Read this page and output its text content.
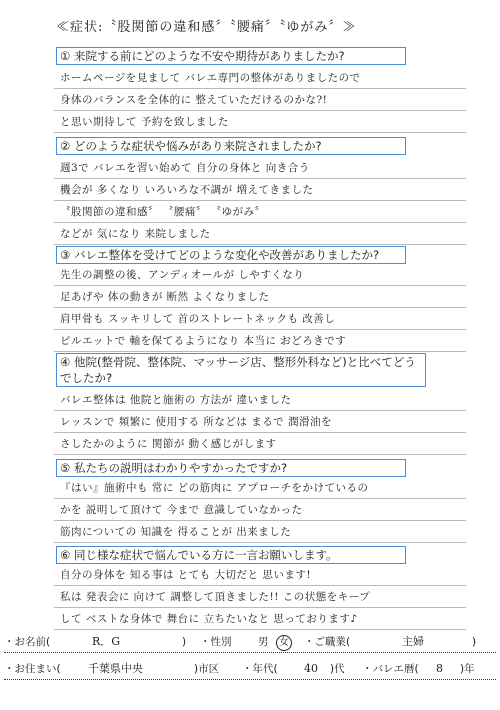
≪症状:〝股関節の違和感〞〝腰痛〞〝ゆがみ〞≫
① 来院する前にどのような不安や期待がありましたか?
ホームページを見まして バレエ専門の整体がありましたので
身体のバランスを全体的に 整えていただけるのかな?!
と思い期待して 予約を致しました
② どのような症状や悩みがあり来院されましたか?
週3で バレエを習い始めて 自分の身体と 向き合う
機会が 多くなり いろいろな不調が 増えてきました
〝股関節の違和感〞 〝腰痛〞 〝ゆがみ〞
などが 気になり 来院しました
③ バレエ整体を受けてどのような変化や改善がありましたか?
先生の調整の後、アンディオールが しやすくなり
足あげや 体の動きが 断然 よくなりました
肩甲骨も スッキリして 首のストレートネックも 改善し
ピルエットで 軸を保てるようになり 本当に おどろきです
④ 他院(整骨院、整体院、マッサージ店、整形外科など)と比べてどうでしたか?
バレエ整体は 他院と施術の 方法が 違いました
レッスンで 頻繁に 使用する 所などは まるで 潤滑油を
さしたかのように 関節が 動く感じがします
⑤ 私たちの説明はわかりやすかったですか?
『はい』施術中も 常に どの筋肉に アプローチをかけているの
かを 説明して頂けて 今まで 意識していなかった
筋肉についての 知識を 得ることが 出来ました
⑥ 同じ様な症状で悩んでいる方に一言お願いします。
自分の身体を 知る事は とても 大切だと 思います!
私は 発表会に 向けて 調整して頂きました!! この状態をキープ
して ベストな身体で 舞台に 立ちたいなと 思っております♪
・お名前(	R．G	) ・性別	男	女 ・ご職業(	主婦	)
・お住まい( 千葉県中央	)市区 ・年代( 40 )代 ・バレエ暦( 8 )年
